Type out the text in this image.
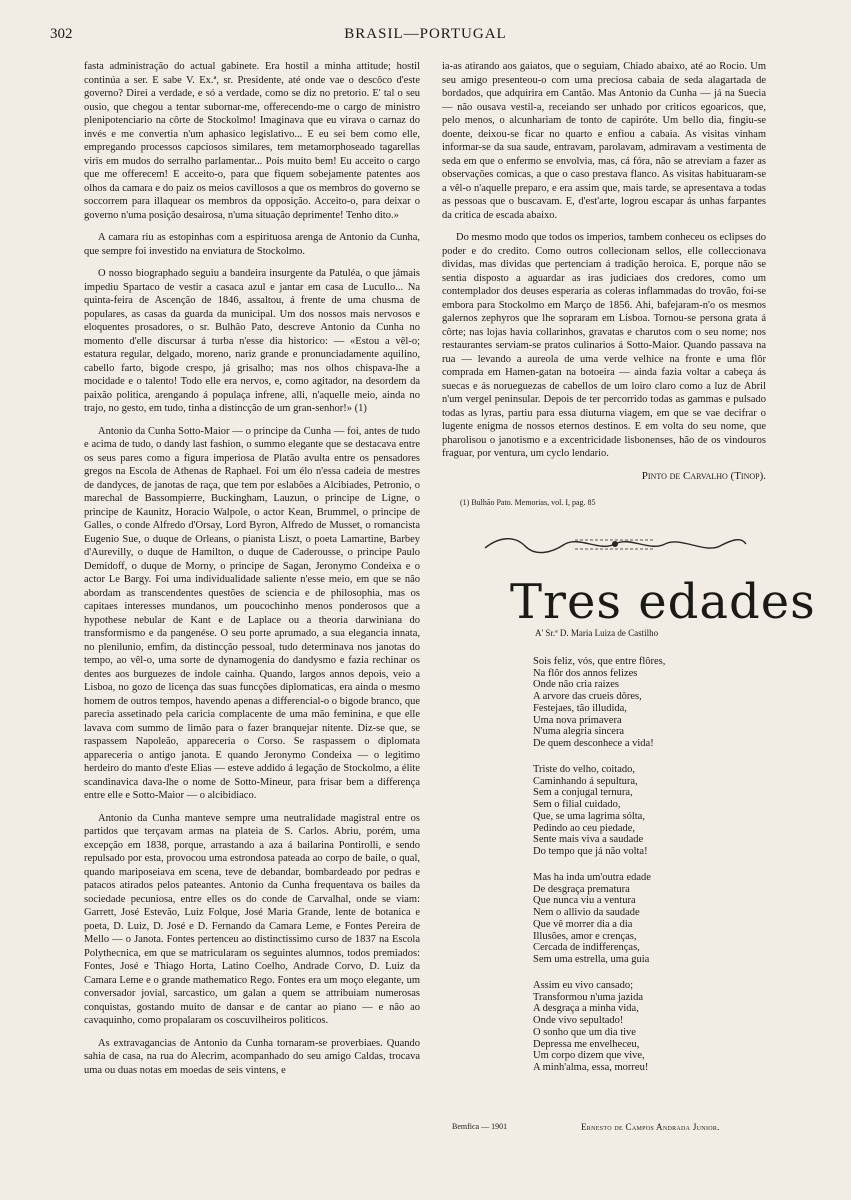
302	BRASIL—PORTUGAL

fasta administração do actual gabinete. Era hostil a minha attitude; hostil continúa a ser. E sabe V. Ex.ª, sr. Presidente, até onde vae o descôco d'este governo? Direi a verdade, e só a verdade, como se diz no pretorio. E' tal o seu ousio, que chegou a tentar subornar-me, offerecendo-me o cargo de ministro plenipotenciario na côrte de Stockolmo! Imaginava que eu virava o carnaz do invés e me convertia n'um aphasico legislativo... E eu sei bem como elle, empregando processos capciosos similares, tem metamorphoseado tagarellas viris em mudos do serralho parlamentar... Pois muito bem! Eu acceito o cargo que me offerecem! E acceito-o, para que fiquem sobejamente patentes aos olhos da camara e do paiz os meios cavillosos a que os membros do governo se soccorrem para illaquear os membros da opposição. Acceito-o, para deixar o governo n'uma posição desairosa, n'uma situação deprimente! Tenho dito.»

A camara riu as estopinhas com a espirituosa arenga de Antonio da Cunha, que sempre foi investido na enviatura de Stockolmo.

O nosso biographado seguiu a bandeira insurgente da Patuléa, o que jámais impediu Spartaco de vestir a casaca azul e jantar em casa de Lucullo... Na quinta-feira de Ascenção de 1846, assaltou, á frente de uma chusma de populares, as casas da guarda da municipal. Um dos nossos mais nervosos e eloquentes prosadores, o sr. Bulhão Pato, descreve Antonio da Cunha no momento d'elle discursar á turba n'esse dia historico: — «Estou a vêl-o; estatura regular, delgado, moreno, nariz grande e pronunciadamente aquilino, cabello farto, bigode crespo, já grisalho; mas nos olhos chispava-lhe a mocidade e o talento! Todo elle era nervos, e, como agitador, na desordem da paixão politica, arengando á populaça infrene, alli, n'aquelle meio, ainda no trajo, no gesto, em tudo, tinha a distincção de um gran-senhor!» (1)

Antonio da Cunha Sotto-Maior — o principe da Cunha — foi, antes de tudo e acima de tudo, o dandy last fashion, o summo elegante que se destacava entre os seus pares como a figura imperiosa de Platão avulta entre os pensadores gregos na Escola de Athenas de Raphael. Foi um élo n'essa cadeia de mestres de dandyces, de janotas de raça, que tem por eslabões a Alcibiades, Petronio, o marechal de Bassompierre, Buckingham, Lauzun, o principe de Ligne, o principe de Kaunitz, Horacio Walpole, o actor Kean, Brummel, o principe de Galles, o conde Alfredo d'Orsay, Lord Byron, Alfredo de Musset, o romancista Eugenio Sue, o duque de Orleans, o pianista Liszt, o poeta Lamartine, Barbey d'Aurevilly, o duque de Hamilton, o duque de Caderousse, o principe Paulo Demidoff, o duque de Morny, o principe de Sagan, Jeronymo Condeixa e o actor Le Bargy. Foi uma individualidade saliente n'esse meio, em que se não abordam as transcendentes questões de sciencia e de philosophia, mas os capitaes interesses mundanos, um poucochinho menos ponderosos que a hypothese nebular de Kant e de Laplace ou a theoria darwiniana do transformismo e da pangenése. O seu porte aprumado, a sua elegancia innata, no plenilunio, emfim, da distincção pessoal, tudo determinava nos janotas do tempo, ao vêl-o, uma sorte de dynamogenia do dandysmo e fazia rechinar os dentes aos burguezes de indole cainha. Quando, largos annos depois, veio a Lisboa, no gozo de licença das suas funcções diplomaticas, era ainda o mesmo homem de outros tempos, havendo apenas a differencial-o o bigode branco, que parecia assetinado pela caricia complacente de uma mão feminina, e que elle lavava com summo de limão para o fazer branquejar nitente. Diz-se que, se raspassem Napoleão, appareceria o Corso. Se raspassem o diplomata appareceria o antigo janota. E quando Jeronymo Condeixa — o legitimo herdeiro do manto d'este Elias — esteve addido á legação de Stockolmo, a élite scandinavica dava-lhe o nome de Sotto-Mineur, para frisar bem a differença entre elle e Sotto-Maior — o alcibidiaco.

Antonio da Cunha manteve sempre uma neutralidade magistral entre os partidos que terçavam armas na plateia de S. Carlos. Abriu, porém, uma excepção em 1838, porque, arrastando a aza á bailarina Pontirolli, e sendo repulsado por esta, provocou uma estrondosa pateada ao corpo de baile, o qual, quando mariposeiava em scena, teve de debandar, bombardeado por pedras e patacos atirados pelos pateantes. Antonio da Cunha frequentava os bailes da sociedade pecuniosa, entre elles os do conde de Carvalhal, onde se viam: Garrett, José Estevão, Luiz Folque, José Maria Grande, lente de botanica e poeta, D. Luiz, D. José e D. Fernando da Camara Leme, e Fontes Pereira de Mello — o Janota. Fontes pertenceu ao distinctissimo curso de 1837 na Escola Polythecnica, em que se matricularam os seguintes alumnos, todos premiados: Fontes, José e Thiago Horta, Latino Coelho, Andrade Corvo, D. Luiz da Camara Leme e o grande mathematico Rego. Fontes era um moço elegante, um conversador jovial, sarcastico, um galan a quem se attribuiam numerosas conquistas, gostando muito de dansar e de cantar ao piano — e não ao cavaquinho, como propalaram os coscuvilheiros politicos.

As extravagancias de Antonio da Cunha tornaram-se proverbiaes. Quando sahia de casa, na rua do Alecrim, acompanhado do seu amigo Caldas, trocava uma ou duas notas em moedas de seis vintens, e

ia-as atirando aos gaiatos, que o seguiam, Chiado abaixo, até ao Rocio. Um seu amigo presenteou-o com uma preciosa cabaia de seda alagartada de bordados, que adquirira em Cantão. Mas Antonio da Cunha — já na Suecia — não ousava vestil-a, receiando ser unhado por criticos egoaricos, que, pelo menos, o alcunhariam de tonto de capiróte. Um bello dia, fingiu-se doente, deixou-se ficar no quarto e enfiou a cabaia. As visitas vinham informar-se da sua saude, entravam, parolavam, admiravam a vestimenta de seda em que o enfermo se envolvia, mas, cá fóra, não se atreviam a fazer as observações comicas, a que o caso prestava flanco. As visitas habituaram-se a vêl-o n'aquelle preparo, e era assim que, mais tarde, se apresentava a todas as pessoas que o buscavam. E, d'est'arte, logrou escapar ás unhas farpantes da critica de escada abaixo.

Do mesmo modo que todos os imperios, tambem conheceu os eclipses do poder e do credito. Como outros collecionam sellos, elle colleccionava dividas, mas dividas que pertenciam á tradição heroica. E, porque não se sentia disposto a aguardar as iras judiciaes dos credores, como um contemplador dos deuses esperaria as coleras inflammadas do trovão, foi-se embora para Stockolmo em Março de 1856. Ahi, bafejaram-n'o os mesmos galernos zephyros que lhe sopraram em Lisboa. Tornou-se persona grata á côrte; nas lojas havia collarinhos, gravatas e charutos com o seu nome; nos restaurantes serviam-se pratos culinarios á Sotto-Maior. Quando passava na rua — levando a aureola de uma verde velhice na fronte e uma flôr comprada em Hamen-gatan na botoeira — ainda fazia voltar a cabeça ás suecas e ás norueguezas de cabellos de um loiro claro como a luz de Abril n'um vergel peninsular. Depois de ter percorrido todas as gammas e pulsado todas as lyras, partiu para essa diuturna viagem, em que se vae decifrar o lugente enigma de nossos eternos destinos. E em volta do seu nome, que pharolisou o janotismo e a excentricidade lisbonenses, hão de os vindouros fraguar, por ventura, um cyclo lendario.

Pinto de Carvalho (Tinop).
(1) Bulhão Pato. Memorias, vol. I, pag. 85
Tres edades
A' Sr.ª D. Maria Luiza de Castilho
Sois feliz, vós, que entre flôres,
Na flôr dos annos felizes
Onde não cria raizes
A arvore das crueis dôres,
Festejaes, tão illudida,
Uma nova primavera
N'uma alegria sincera
De quem desconhece a vida!
Triste do velho, coitado,
Caminhando á sepultura,
Sem a conjugal ternura,
Sem o filial cuidado,
Que, se uma lagrima sólta,
Pedindo ao ceu piedade,
Sente mais viva a saudade
Do tempo que já não volta!
Mas ha inda um'outra edade
De desgraça prematura
Que nunca viu a ventura
Nem o allivio da saudade
Que vê morrer dia a dia
Illusões, amor e crenças,
Cercada de indifferenças,
Sem uma estrella, uma guia
Assim eu vivo cansado;
Transformou n'uma jazida
A desgraça a minha vida,
Onde vivo sepultado!
O sonho que um dia tive
Depressa me envelheceu,
Um corpo dizem que vive,
A minh'alma, essa, morreu!
Bemfica — 1901	Ernesto de Campos Andrada Junior.
